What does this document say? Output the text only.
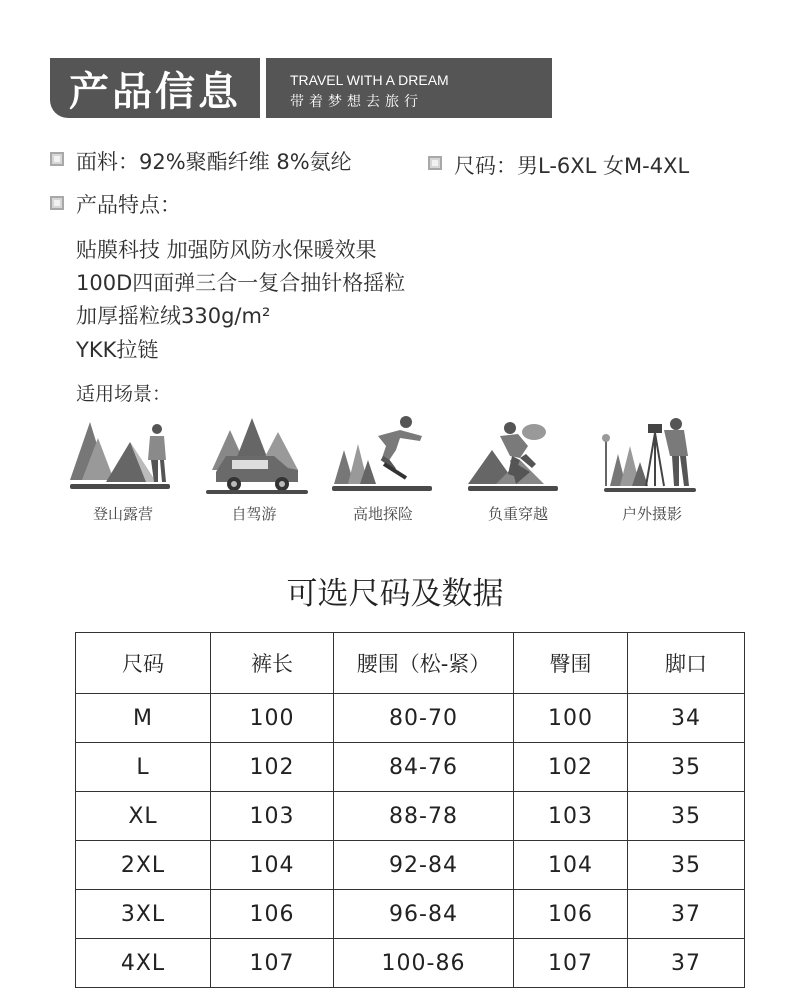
产品信息	TRAVEL WITH A DREAM
带着梦想去旅行
面料：92%聚酯纤维 8%氨纶	尺码：男L-6XL 女M-4XL
产品特点：
贴膜科技 加强防风防水保暖效果
100D四面弹三合一复合抽针格摇粒
加厚摇粒绒330g/m²
YKK拉链
适用场景：
登山露营	自驾游	高地探险	负重穿越	户外摄影
可选尺码及数据
尺码	裤长	腰围（松-紧）	臀围	脚口
M	100	80-70	100	34
L	102	84-76	102	35
XL	103	88-78	103	35
2XL	104	92-84	104	35
3XL	106	96-84	106	37
4XL	107	100-86	107	37
